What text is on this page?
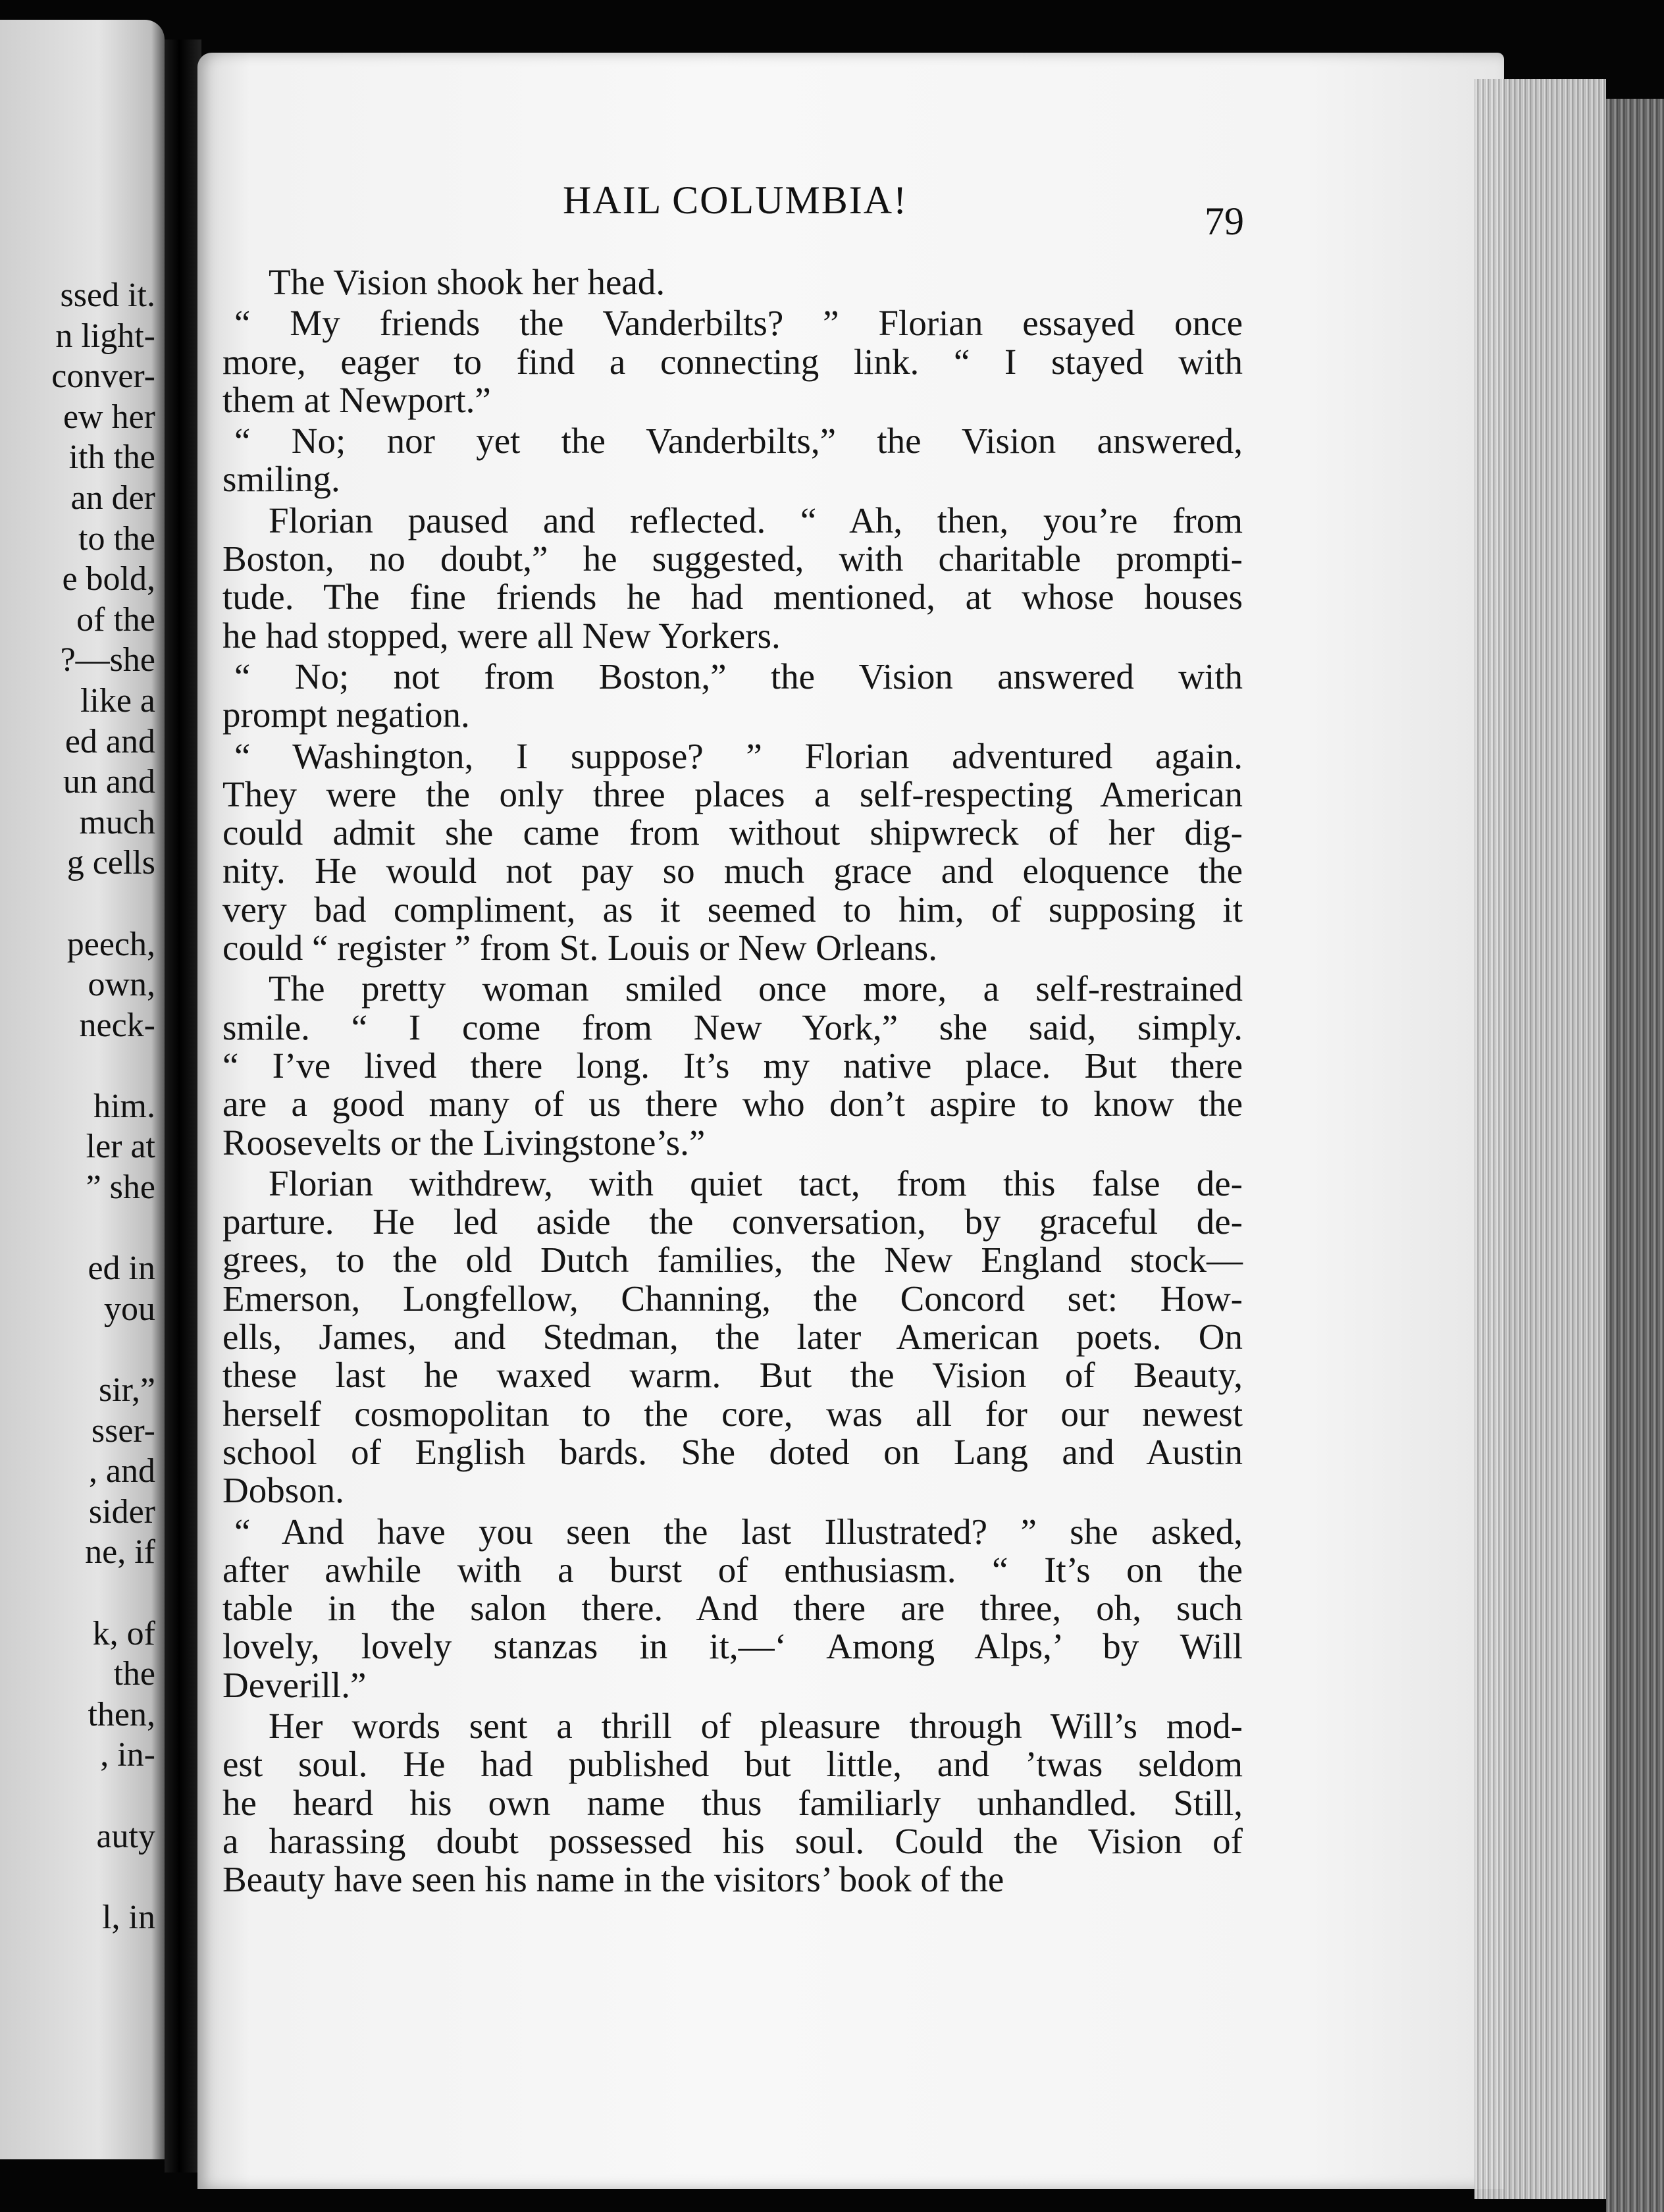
ssed it.
n light-
conver-
ew her
ith the
an der
to the
e bold,
of the
?—she
like a
ed and
un and
much
g cells
peech,
own,
neck-
him.
ler at
” she
ed in
you
sir,”
sser-
, and
sider
ne, if
k, of
the
then,
, in-
auty
l, in
HAIL COLUMBIA!	79
The Vision shook her head.
“ My friends the Vanderbilts? ” Florian essayed once
more, eager to find a connecting link. “ I stayed with
them at Newport.”
“ No; nor yet the Vanderbilts,” the Vision answered,
smiling.
Florian paused and reflected. “ Ah, then, you’re from
Boston, no doubt,” he suggested, with charitable prompti-
tude. The fine friends he had mentioned, at whose houses
he had stopped, were all New Yorkers.
“ No; not from Boston,” the Vision answered with
prompt negation.
“ Washington, I suppose? ” Florian adventured again.
They were the only three places a self-respecting American
could admit she came from without shipwreck of her dig-
nity. He would not pay so much grace and eloquence the
very bad compliment, as it seemed to him, of supposing it
could “ register ” from St. Louis or New Orleans.
The pretty woman smiled once more, a self-restrained
smile. “ I come from New York,” she said, simply.
“ I’ve lived there long. It’s my native place. But there
are a good many of us there who don’t aspire to know the
Roosevelts or the Livingstone’s.”
Florian withdrew, with quiet tact, from this false de-
parture. He led aside the conversation, by graceful de-
grees, to the old Dutch families, the New England stock—
Emerson, Longfellow, Channing, the Concord set: How-
ells, James, and Stedman, the later American poets. On
these last he waxed warm. But the Vision of Beauty,
herself cosmopolitan to the core, was all for our newest
school of English bards. She doted on Lang and Austin
Dobson.
“ And have you seen the last Illustrated? ” she asked,
after awhile with a burst of enthusiasm. “ It’s on the
table in the salon there. And there are three, oh, such
lovely, lovely stanzas in it,—‘ Among Alps,’ by Will
Deverill.”
Her words sent a thrill of pleasure through Will’s mod-
est soul. He had published but little, and ’twas seldom
he heard his own name thus familiarly unhandled. Still,
a harassing doubt possessed his soul. Could the Vision of
Beauty have seen his name in the visitors’ book of the
